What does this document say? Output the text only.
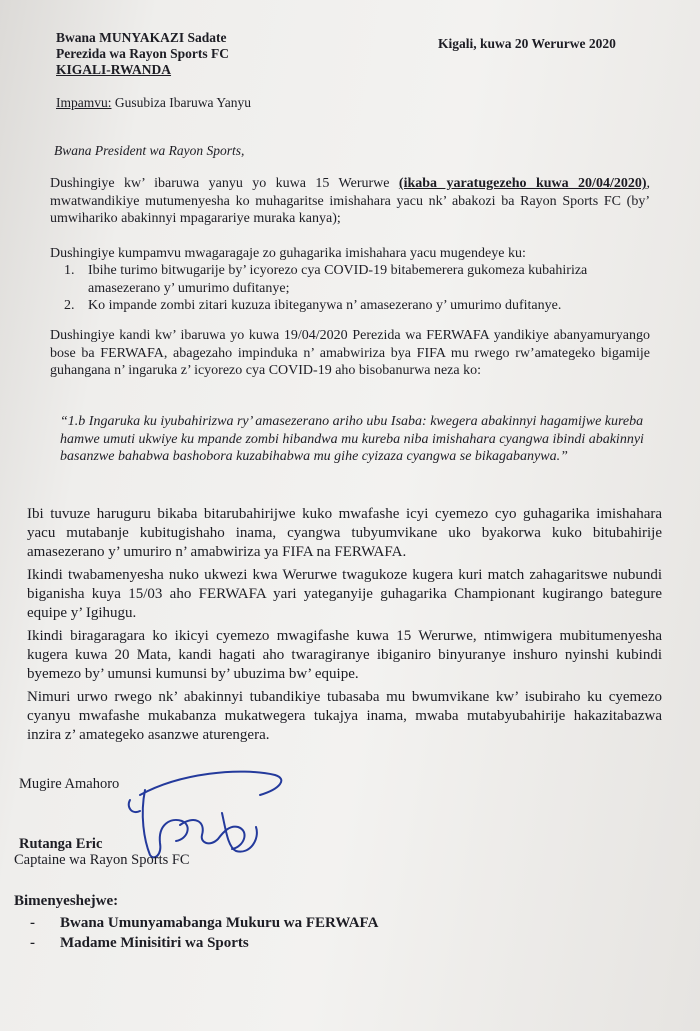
Bwana MUNYAKAZI Sadate
Perezida wa Rayon Sports FC
KIGALI-RWANDA
Kigali, kuwa 20 Werurwe 2020
Impamvu: Gusubiza Ibaruwa Yanyu
Bwana President wa Rayon Sports,
Dushingiye kw’ ibaruwa yanyu yo kuwa 15 Werurwe (ikaba yaratugezeho kuwa 20/04/2020), mwatwandikiye mutumenyesha ko muhagaritse imishahara yacu nk’ abakozi ba Rayon Sports FC (by’ umwihariko abakinnyi mpagarariye muraka kanya);
Dushingiye kumpamvu mwagaragaje zo guhagarika imishahara yacu mugendeye ku:
1. Ibihe turimo bitwugarije by’ icyorezo cya COVID-19 bitabemerera gukomeza kubahiriza amasezerano y’ umurimo dufitanye;
2. Ko impande zombi zitari kuzuza ibiteganywa n’ amasezerano y’ umurimo dufitanye.
Dushingiye kandi kw’ ibaruwa yo kuwa 19/04/2020 Perezida wa FERWAFA yandikiye abanyamuryango bose ba FERWAFA, abagezaho impinduka n’ amabwiriza bya FIFA mu rwego rw’amategeko bigamije guhangana n’ ingaruka z’ icyorezo cya COVID-19 aho bisobanurwa neza ko:
“1.b Ingaruka ku iyubahirizwa ry’ amasezerano ariho ubu Isaba: kwegera abakinnyi hagamijwe kureba hamwe umuti ukwiye ku mpande zombi hibandwa mu kureba niba imishahara cyangwa ibindi abakinnyi basanzwe bahabwa bashobora kuzabihabwa mu gihe cyizaza cyangwa se bikagabanywa.”
Ibi tuvuze haruguru bikaba bitarubahirijwe kuko mwafashe icyi cyemezo cyo guhagarika imishahara yacu mutabanje kubitugishaho inama, cyangwa tubyumvikane uko byakorwa kuko bitubahirije amasezerano y’ umuriro n’ amabwiriza ya FIFA na FERWAFA.
Ikindi twabamenyesha nuko ukwezi kwa Werurwe twagukoze kugera kuri match zahagaritswe nubundi biganisha kuya 15/03 aho FERWAFA yari yateganyije guhagarika Championant kugirango bategure equipe y’ Igihugu.
Ikindi biragaragara ko ikicyi cyemezo mwagifashe kuwa 15 Werurwe, ntimwigera mubitumenyesha kugera kuwa 20 Mata, kandi hagati aho twaragiranye ibiganiro binyuranye inshuro nyinshi kubindi byemezo by’ umunsi kumunsi by’ ubuzima bw’ equipe.
Nimuri urwo rwego nk’ abakinnyi tubandikiye tubasaba mu bwumvikane kw’ isubiraho ku cyemezo cyanyu mwafashe mukabanza mukatwegera tukajya inama, mwaba mutabyubahirije hakazitabazwa inzira z’ amategeko asanzwe aturengera.
Mugire Amahoro
Rutanga Eric
Captaine wa Rayon Sports FC
Bimenyeshejwe:
- Bwana Umunyamabanga Mukuru wa FERWAFA
- Madame Minisitiri wa Sports
